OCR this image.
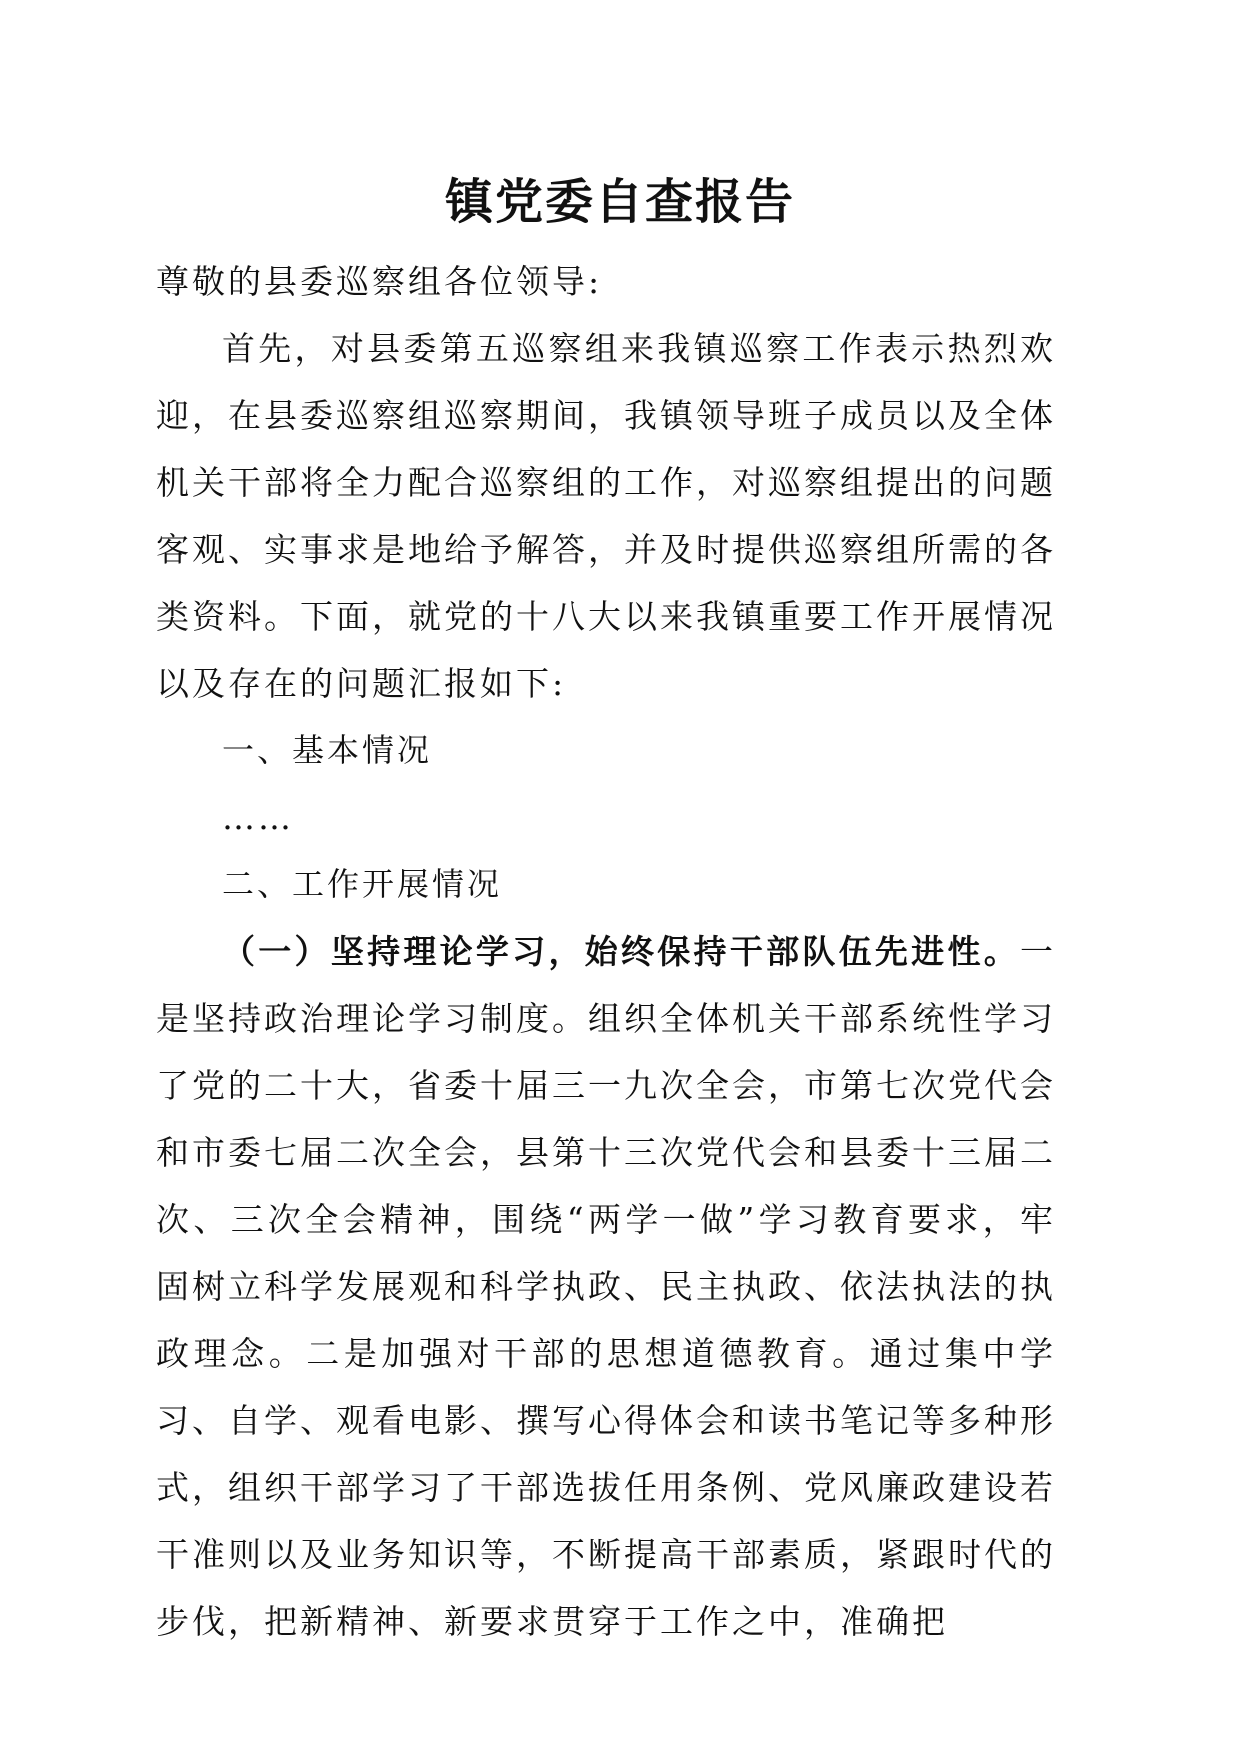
镇党委自查报告

尊敬的县委巡察组各位领导:

首先，对县委第五巡察组来我镇巡察工作表示热烈欢迎，在县委巡察组巡察期间，我镇领导班子成员以及全体机关干部将全力配合巡察组的工作，对巡察组提出的问题客观、实事求是地给予解答，并及时提供巡察组所需的各类资料。下面，就党的十八大以来我镇重要工作开展情况以及存在的问题汇报如下:

一、基本情况

……

二、工作开展情况

（一）坚持理论学习，始终保持干部队伍先进性。一是坚持政治理论学习制度。组织全体机关干部系统性学习了党的二十大，省委十届三一九次全会，市第七次党代会和市委七届二次全会，县第十三次党代会和县委十三届二次、三次全会精神，围绕“两学一做”学习教育要求，牢固树立科学发展观和科学执政、民主执政、依法执法的执政理念。二是加强对干部的思想道德教育。通过集中学习、自学、观看电影、撰写心得体会和读书笔记等多种形式，组织干部学习了干部选拔任用条例、党风廉政建设若干准则以及业务知识等，不断提高干部素质，紧跟时代的步伐，把新精神、新要求贯穿于工作之中，准确把
